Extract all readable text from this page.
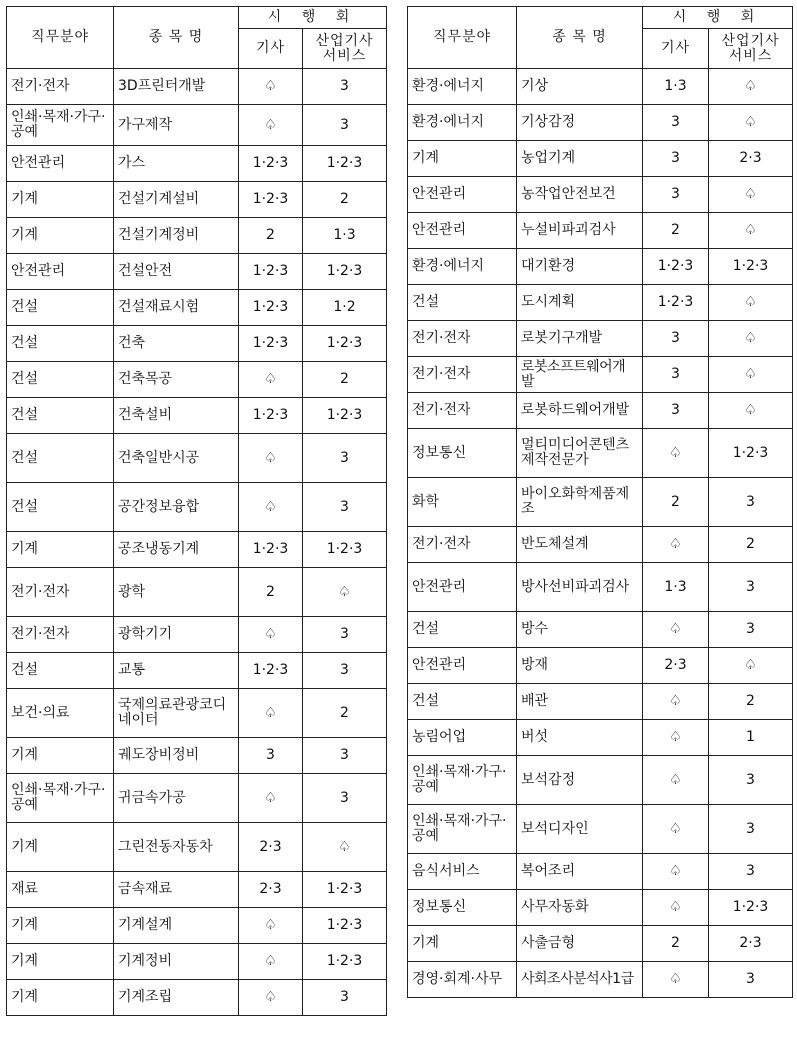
직무분야	종 목 명	시 행 회	
		기사	산업기사 서비스
전기·전자	3D프린터개발	♤	3
인쇄·목재·가구·공예	가구제작	♤	3
안전관리	가스	1·2·3	1·2·3
기계	건설기계설비	1·2·3	2
기계	건설기계정비	2	1·3
안전관리	건설안전	1·2·3	1·2·3
건설	건설재료시험	1·2·3	1·2
건설	건축	1·2·3	1·2·3
건설	건축목공	♤	2
건설	건축설비	1·2·3	1·2·3
건설	건축일반시공	♤	3
건설	공간정보융합	♤	3
기계	공조냉동기계	1·2·3	1·2·3
전기·전자	광학	2	♤
전기·전자	광학기기	♤	3
건설	교통	1·2·3	3
보건·의료	국제의료관광코디네이터	♤	2
기계	궤도장비정비	3	3
인쇄·목재·가구·공예	귀금속가공	♤	3
기계	그린전동자동차	2·3	♤
재료	금속재료	2·3	1·2·3
기계	기계설계	♤	1·2·3
기계	기계정비	♤	1·2·3
기계	기계조립	♤	3
직무분야	종 목 명	시 행 회	
		기사	산업기사 서비스
환경·에너지	기상	1·3	♤
환경·에너지	기상감정	3	♤
기계	농업기계	3	2·3
안전관리	농작업안전보건	3	♤
안전관리	누설비파괴검사	2	♤
환경·에너지	대기환경	1·2·3	1·2·3
건설	도시계획	1·2·3	♤
전기·전자	로봇기구개발	3	♤
전기·전자	로봇소프트웨어개발	3	♤
전기·전자	로봇하드웨어개발	3	♤
정보통신	멀티미디어콘텐츠제작전문가	♤	1·2·3
화학	바이오화학제품제조	2	3
전기·전자	반도체설계	♤	2
안전관리	방사선비파괴검사	1·3	3
건설	방수	♤	3
안전관리	방재	2·3	♤
건설	배관	♤	2
농림어업	버섯	♤	1
인쇄·목재·가구·공예	보석감정	♤	3
인쇄·목재·가구·공예	보석디자인	♤	3
음식서비스	복어조리	♤	3
정보통신	사무자동화	♤	1·2·3
기계	사출금형	2	2·3
경영·회계·사무	사회조사분석사1급	♤	3
